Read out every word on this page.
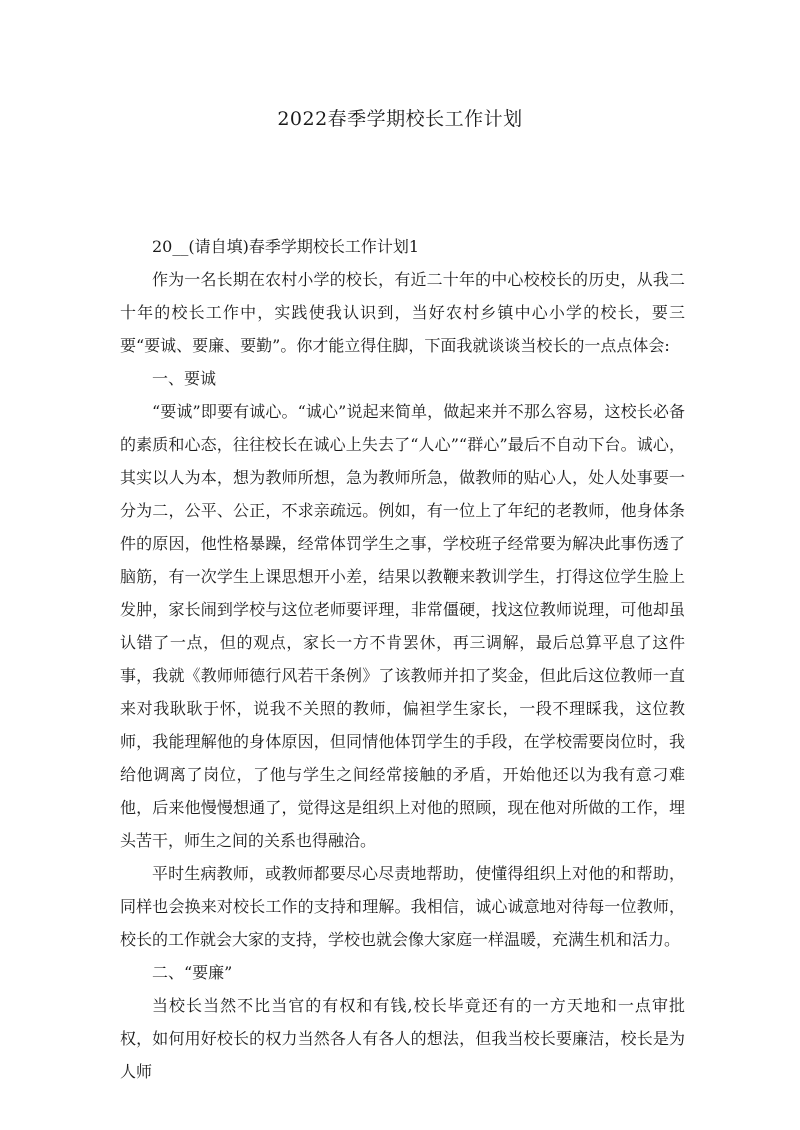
2022春季学期校长工作计划

20__(请自填)春季学期校长工作计划1

作为一名长期在农村小学的校长，有近二十年的中心校校长的历史，从我二十年的校长工作中，实践使我认识到，当好农村乡镇中心小学的校长，要三要“要诚、要廉、要勤”。你才能立得住脚，下面我就谈谈当校长的一点点体会:

一、要诚

“要诚”即要有诚心。“诚心”说起来简单，做起来并不那么容易，这校长必备的素质和心态，往往校长在诚心上失去了“人心”“群心”最后不自动下台。诚心，其实以人为本，想为教师所想，急为教师所急，做教师的贴心人，处人处事要一分为二，公平、公正，不求亲疏远。例如，有一位上了年纪的老教师，他身体条件的原因，他性格暴躁，经常体罚学生之事，学校班子经常要为解决此事伤透了脑筋，有一次学生上课思想开小差，结果以教鞭来教训学生，打得这位学生脸上发肿，家长闹到学校与这位老师要评理，非常僵硬，找这位教师说理，可他却虽认错了一点，但的观点，家长一方不肯罢休，再三调解，最后总算平息了这件事，我就《教师师德行风若干条例》了该教师并扣了奖金，但此后这位教师一直来对我耿耿于怀，说我不关照的教师，偏袒学生家长，一段不理睬我，这位教师，我能理解他的身体原因，但同情他体罚学生的手段，在学校需要岗位时，我给他调离了岗位，了他与学生之间经常接触的矛盾，开始他还以为我有意刁难他，后来他慢慢想通了，觉得这是组织上对他的照顾，现在他对所做的工作，埋头苦干，师生之间的关系也得融洽。

平时生病教师，或教师都要尽心尽责地帮助，使懂得组织上对他的和帮助，同样也会换来对校长工作的支持和理解。我相信，诚心诚意地对待每一位教师，校长的工作就会大家的支持，学校也就会像大家庭一样温暖，充满生机和活力。

二、“要廉”

当校长当然不比当官的有权和有钱,校长毕竟还有的一方天地和一点审批权，如何用好校长的权力当然各人有各人的想法，但我当校长要廉洁，校长是为人师
